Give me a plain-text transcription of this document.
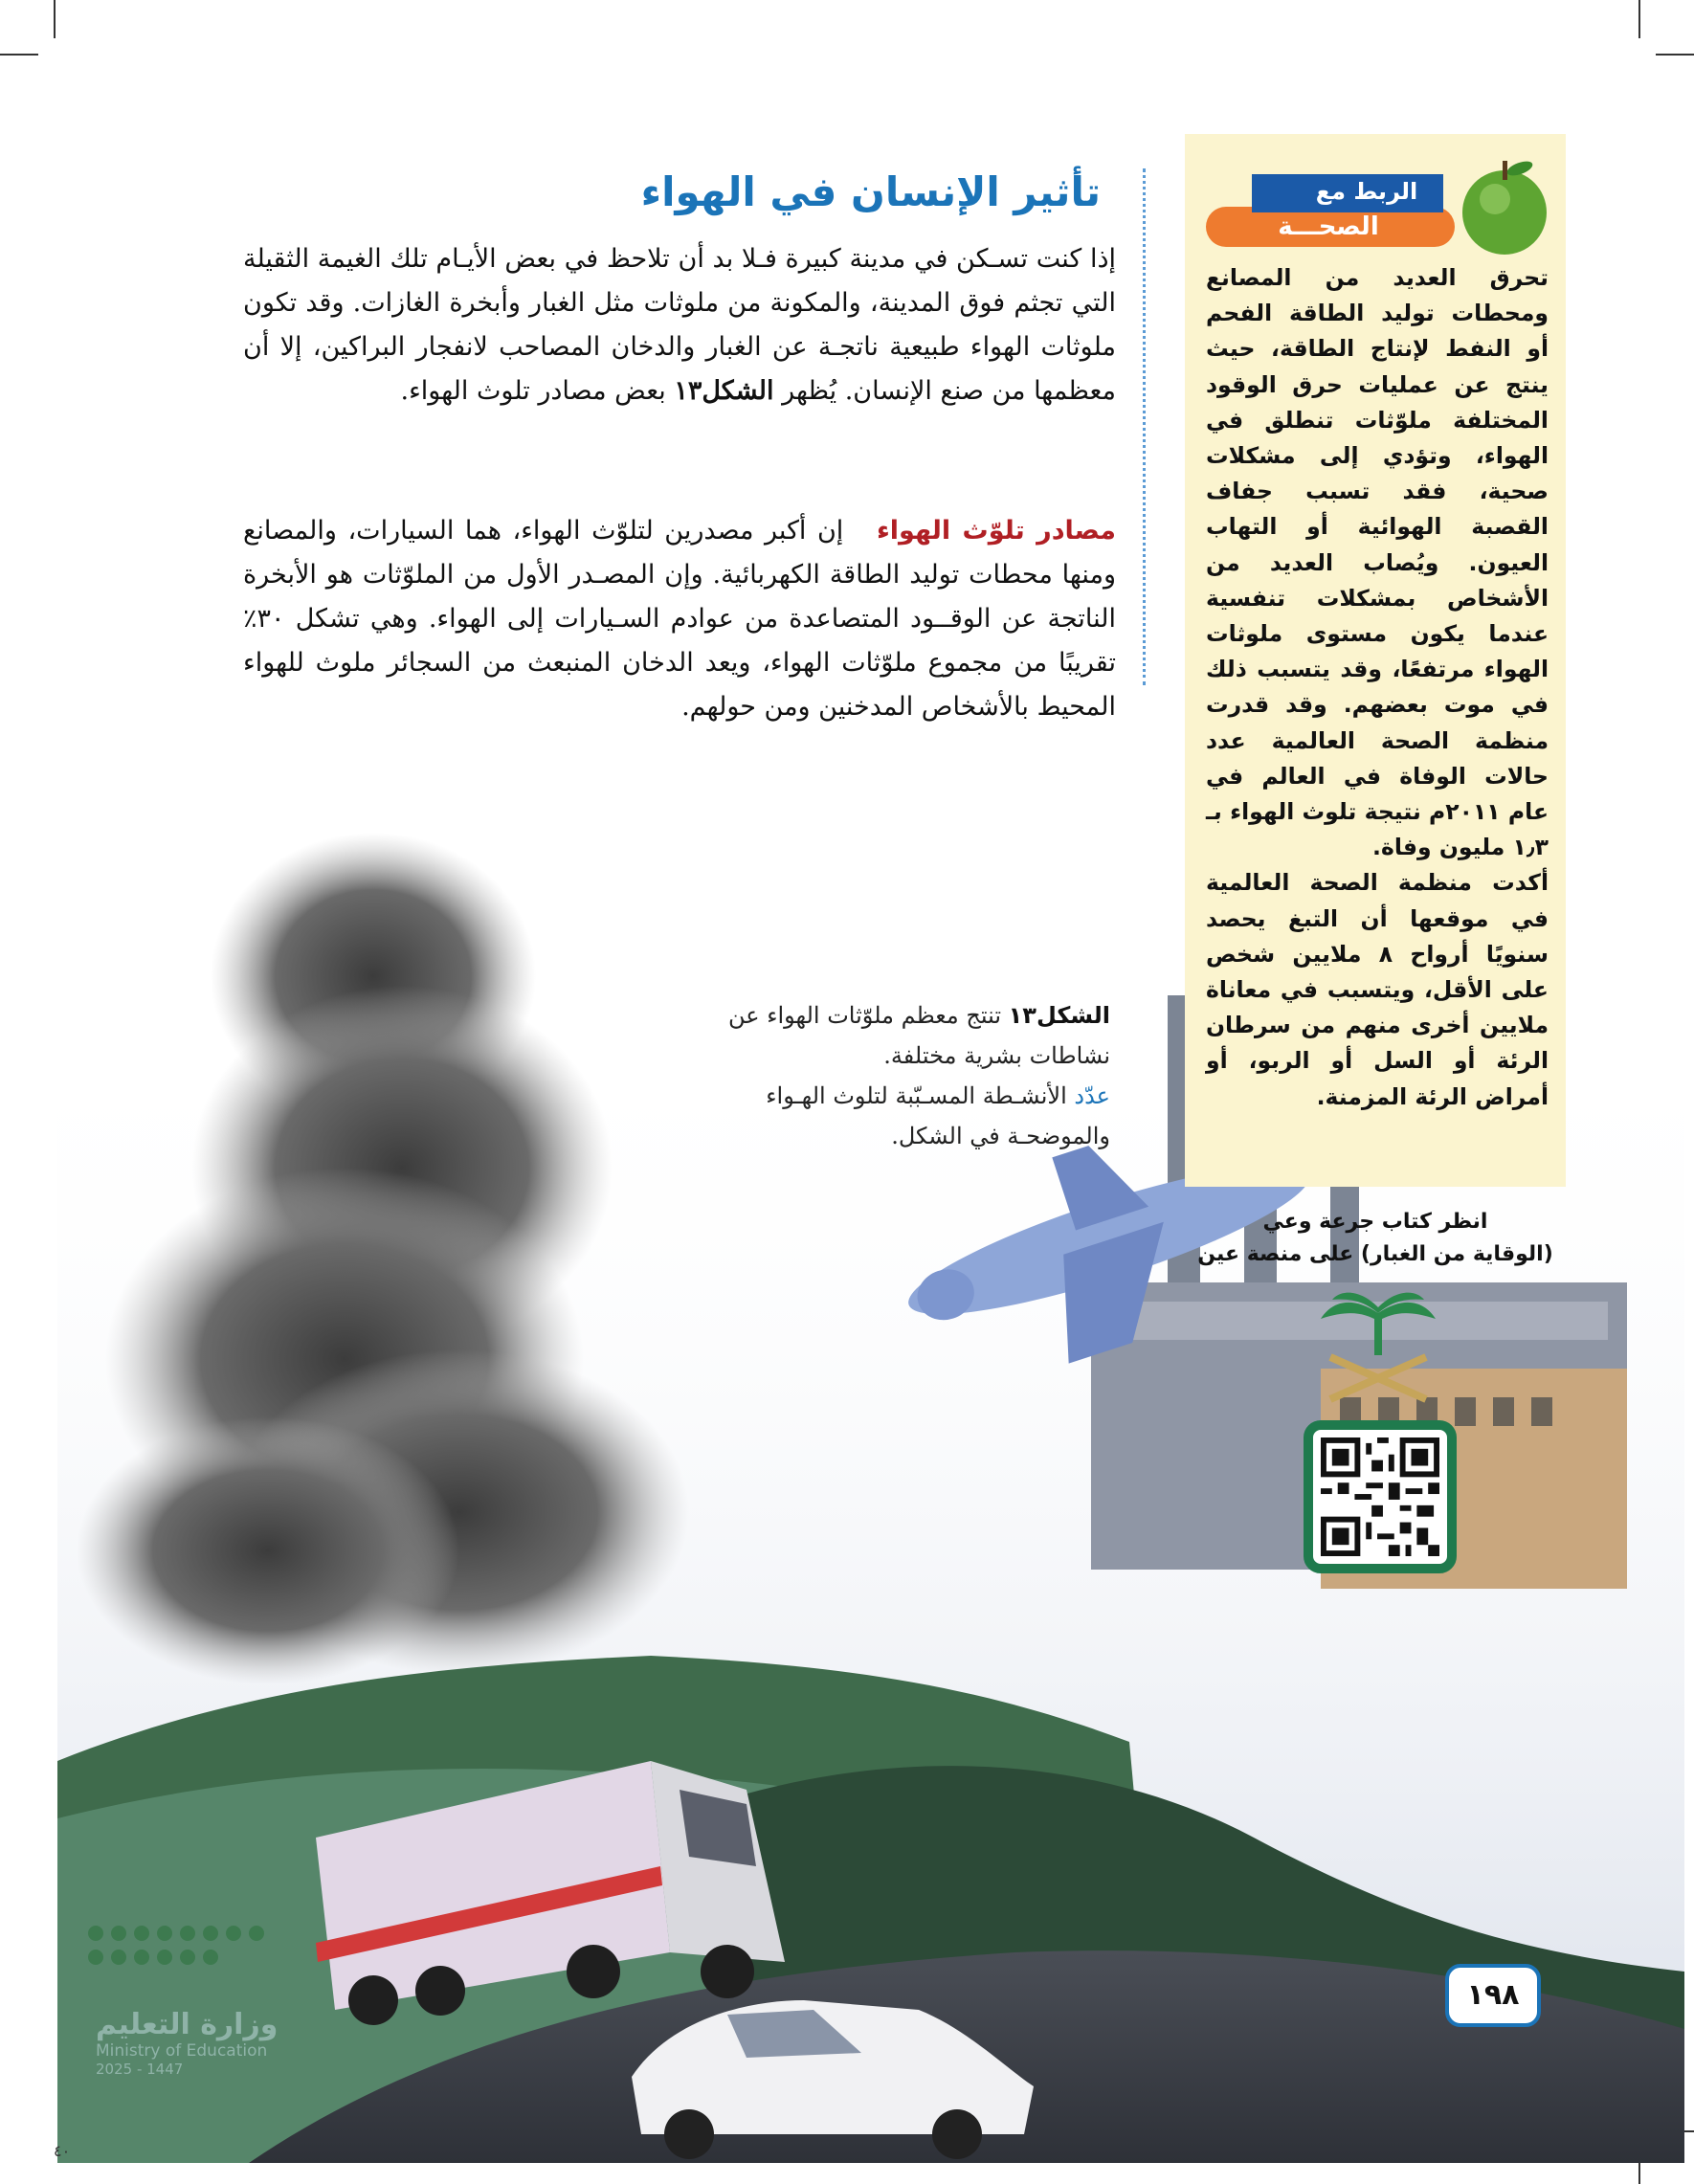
الربط مع
الصحـــة

تحرق العديد من المصانع ومحطات توليد الطاقة الفحم أو النفط لإنتاج الطاقة، حيث ينتج عن عمليات حرق الوقود المختلفة ملوّثات تنطلق في الهواء، وتؤدي إلى مشكلات صحية، فقد تسبب جفاف القصبة الهوائية أو التهاب العيون. ويُصاب العديد من الأشخاص بمشكلات تنفسية عندما يكون مستوى ملوثات الهواء مرتفعًا، وقد يتسبب ذلك في موت بعضهم. وقد قدرت منظمة الصحة العالمية عدد حالات الوفاة في العالم في عام ٢٠١١م نتيجة تلوث الهواء بـ ١٫٣ مليون وفاة.

أكدت منظمة الصحة العالمية في موقعها أن التبغ يحصد سنويًا أرواح ٨ ملايين شخص على الأقل، ويتسبب في معاناة ملايين أخرى منهم من سرطان الرئة أو السل أو الربو، أو أمراض الرئة المزمنة.

انظر كتاب جرعة وعي
(الوقاية من الغبار) على منصة عين
تأثير الإنسان في الهواء

إذا كنت تسـكن في مدينة كبيرة فـلا بد أن تلاحظ في بعض الأيـام تلك الغيمة الثقيلة التي تجثم فوق المدينة، والمكونة من ملوثات مثل الغبار وأبخرة الغازات. وقد تكون ملوثات الهواء طبيعية ناتجـة عن الغبار والدخان المصاحب لانفجار البراكين، إلا أن معظمها من صنع الإنسان. يُظهر الشكل١٣ بعض مصادر تلوث الهواء.

مصادر تلوّث الهواء   إن أكبر مصدرين لتلوّث الهواء، هما السيارات، والمصانع ومنها محطات توليد الطاقة الكهربائية. وإن المصـدر الأول من الملوّثات هو الأبخرة الناتجة عن الوقــود المتصاعدة من عوادم السـيارات إلى الهواء. وهي تشكل ٣٠٪ تقريبًا من مجموع ملوّثات الهواء، ويعد الدخان المنبعث من السجائر ملوث للهواء المحيط بالأشخاص المدخنين ومن حولهم.

الشكل١٣ تنتج معظم ملوّثات الهواء عن نشاطات بشرية مختلفة.
عدّد الأنشـطة المسـبّبة لتلوث الهـواء والموضحـة في الشكل.
١٩٨
وزارة التعليم
Ministry of Education
2025 - 1447
٤٠
